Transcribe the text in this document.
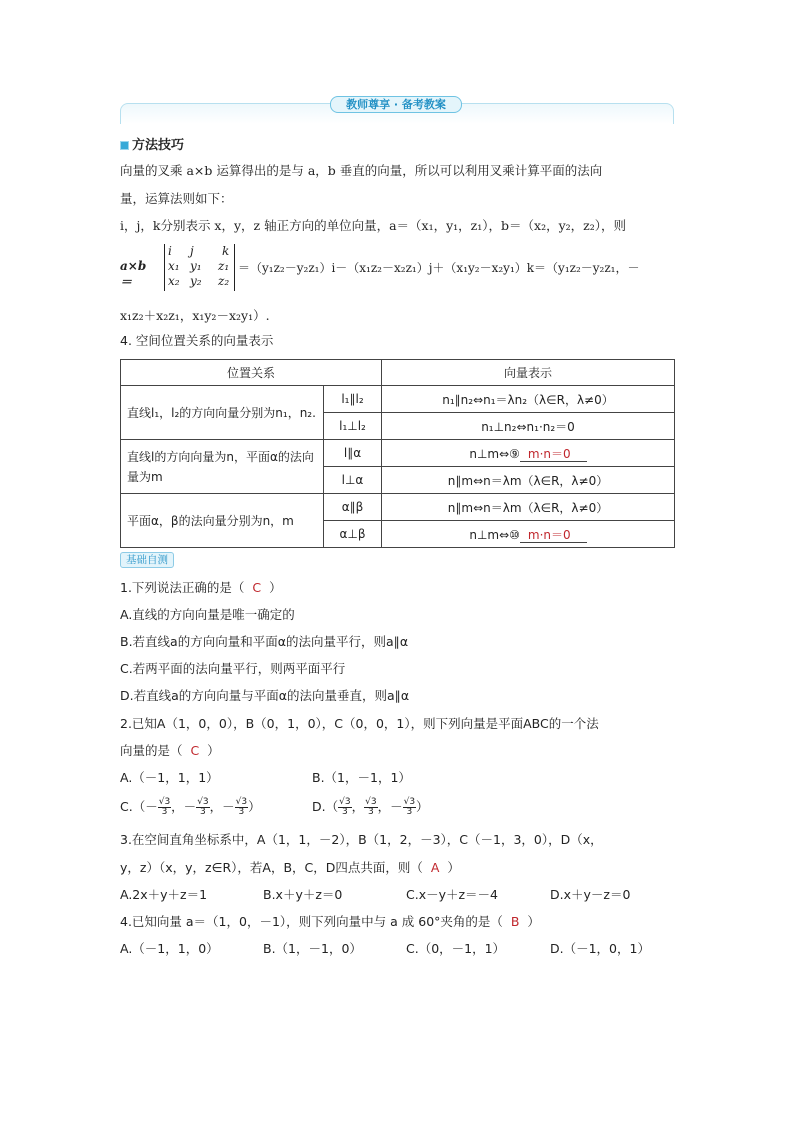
教师尊享 · 备考教案
方法技巧
向量的叉乘 a×b 运算得出的是与 a，b 垂直的向量，所以可以利用叉乘计算平面的法向
量，运算法则如下：
i，j，k分别表示 x，y，z 轴正方向的单位向量，a＝（x₁，y₁，z₁），b＝（x₂，y₂，z₂），则
a×b＝
i j k
x₁ y₁ z₁
x₂ y₂ z₂
＝（y₁z₂－y₂z₁）i－（x₁z₂－x₂z₁）j＋（x₁y₂－x₂y₁）k＝（y₁z₂－y₂z₁，－
x₁z₂＋x₂z₁，x₁y₂－x₂y₁）.
4. 空间位置关系的向量表示
位置关系		向量表示
直线l₁，l₂的方向向量分别为n₁，n₂.	l₁∥l₂	n₁∥n₂⇔n₁＝λn₂（λ∈R，λ≠0）
	l₁⊥l₂	n₁⊥n₂⇔n₁·n₂＝0
直线l的方向向量为n，平面α的法向量为m	l∥α	n⊥m⇔⑨ m·n＝0
	l⊥α	n∥m⇔n＝λm（λ∈R，λ≠0）
平面α，β的法向量分别为n，m	α∥β	n∥m⇔n＝λm（λ∈R，λ≠0）
	α⊥β	n⊥m⇔⑩ m·n＝0
基础自测
1.下列说法正确的是（ C ）
A.直线的方向向量是唯一确定的
B.若直线a的方向向量和平面α的法向量平行，则a∥α
C.若两平面的法向量平行，则两平面平行
D.若直线a的方向向量与平面α的法向量垂直，则a∥α
2.已知A（1，0，0），B（0，1，0），C（0，0，1），则下列向量是平面ABC的一个法
向量的是（ C ）
A.（－1，1，1）	B.（1，－1，1）
$C.(- \frac{√3}{3}$ ，－ $\frac{√3}{3}$ ，－ $\frac{√3}{3}$ ）	$D.( \frac{√3}{3}$ ， $\frac{√3}{3}$ ，－ $\frac{√3}{3}$ ）
3.在空间直角坐标系中，A（1，1，－2），B（1，2，－3），C（－1，3，0），D（x，
y，z）（x，y，z∈R），若A，B，C，D四点共面，则（ A ）
A.2x＋y＋z＝1	B.x＋y＋z＝0	C.x－y＋z＝－4	D.x＋y－z＝0
4.已知向量 a＝（1，0，－1），则下列向量中与 a 成 60°夹角的是（ B ）
A.（－1，1，0）	B.（1，－1，0）	C.（0，－1，1）	D.（－1，0，1）
